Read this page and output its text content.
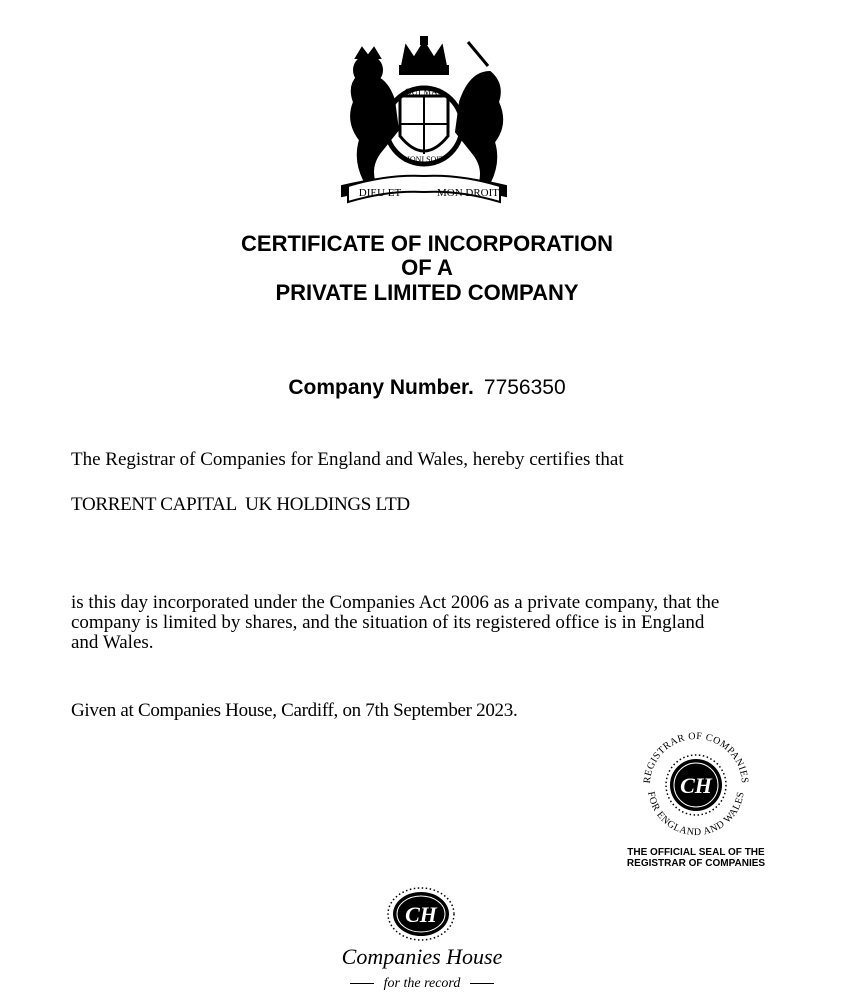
DIEU ET	MON DROIT
QUI MAL
HONI SOIT
CERTIFICATE OF INCORPORATION
OF A
PRIVATE LIMITED COMPANY
Company Number. 7756350
The Registrar of Companies for England and Wales, hereby certifies that
TORRENT CAPITAL  UK HOLDINGS LTD
is this day incorporated under the Companies Act 2006 as a private company, that the
company is limited by shares, and the situation of its registered office is in England
and Wales.
Given at Companies House, Cardiff, on 7th September 2023.
CH
REGISTRAR OF COMPANIES
FOR ENGLAND AND WALES
THE OFFICIAL SEAL OF THE
REGISTRAR OF COMPANIES
CH
Companies House
for the record
